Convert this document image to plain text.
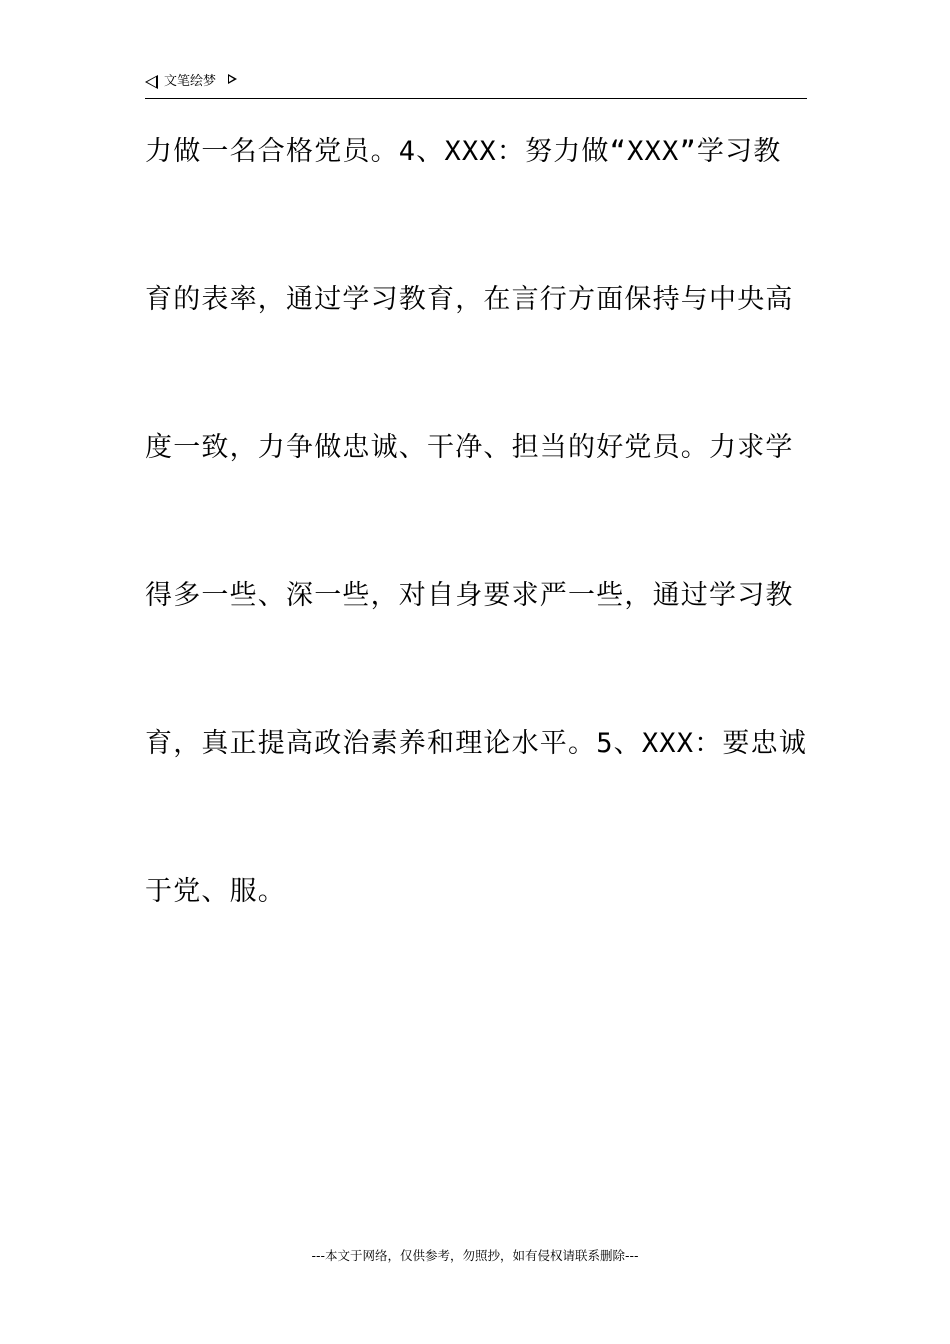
文笔绘梦
力做一名合格党员。4、XXX：努力做“XXX”学习教
育的表率，通过学习教育，在言行方面保持与中央高
度一致，力争做忠诚、干净、担当的好党员。力求学
得多一些、深一些，对自身要求严一些，通过学习教
育，真正提高政治素养和理论水平。5、XXX：要忠诚
于党、服。
---本文于网络，仅供参考，勿照抄，如有侵权请联系删除---
